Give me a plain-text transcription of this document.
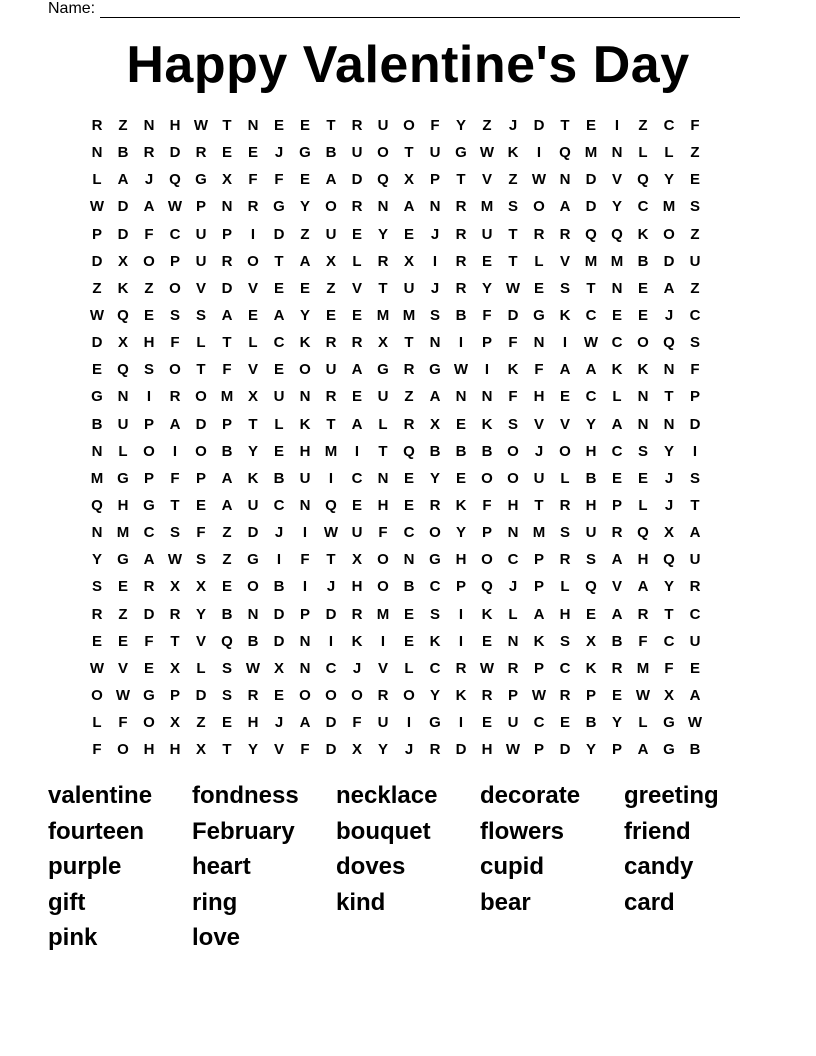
Name:
Happy Valentine's Day
R	Z	N	H W T	N	E	E	T	R	U O	F	Y	Z	J	D	T	E	I	Z	C	F
N	B	R	D	R	E	E	J	G B	U O	T	U G W K	I	Q M N	L	L	Z
L	A	J	Q G	X	F	F	E	A	D Q	X	P	T	V	Z W N	D	V	Q	Y	E
W D	A W P	N	R G	Y	O R	N	A	N	R M S	O A	D	Y	C M S
P	D	F	C	U	P	I	D	Z	U	E	Y	E	J	R	U	T	R	R Q Q K O	Z
D	X	O	P	U	R O	T	A	X	L	R	X	I	R	E	T	L	V M M B	D	U
Z	K	Z	O	V	D	V	E	E	Z	V	T	U	J	R	Y W E	S	T	N	E	A	Z
W Q	E	S	S	A	E	A	Y	E	E M M S	B	F	D G K	C	E	E	J	C
D	X	H	F	L	T	L	C	K	R	R	X	T	N	I	P	F	N	I	W C O Q	S
E	Q	S	O	T	F	V	E	O U	A G R G W	I	K	F	A	A	K	K	N	F
G N	I	R O M X	U	N	R	E	U	Z	A	N	N	F	H	E	C	L	N	T	P
B	U	P	A	D	P	T	L	K	T	A	L	R	X	E	K	S	V	V	Y	A	N	N	D
N	L	O	I	O B	Y	E	H M	I	T	Q B	B	B O	J	O H	C	S	Y	I
M G	P	F	P	A	K	B	U	I	C	N	E	Y	E	O O U	L	B	E	E	J	S
Q H G	T	E	A	U	C	N Q	E	H	E	R	K	F	H	T	R	H	P	L	J	T
N M C	S	F	Z	D	J	I	W U	F	C O	Y	P	N M S	U	R Q	X	A
Y	G A W S	Z	G	I	F	T	X	O N G H O C	P	R	S	A	H Q U
S	E	R	X	X	E	O B	I	J	H O B	C	P	Q	J	P	L	Q	V	A	Y	R
R	Z	D	R	Y	B	N	D	P	D	R M E	S	I	K	L	A	H	E	A	R	T	C
E	E	F	T	V	Q B	D	N	I	K	I	E	K	I	E	N	K	S	X	B	F	C	U
W V	E	X	L	S W X	N	C	J	V	L	C	R W R	P	C	K	R M	F	E
O W G	P	D	S	R	E	O O O R O	Y	K	R	P W R	P	E W X	A
L	F	O	X	Z	E	H	J	A	D	F	U	I	G	I	E	U	C	E	B	Y	L	G W
F	O H	H	X	T	Y	V	F	D	X	Y	J	R	D	H W P	D	Y	P	A G B
valentine	fondness	necklace	decorate	greeting
fourteen	February	bouquet	flowers	friend
purple	heart	doves	cupid	candy
gift	ring	kind	bear	card
pink	love
